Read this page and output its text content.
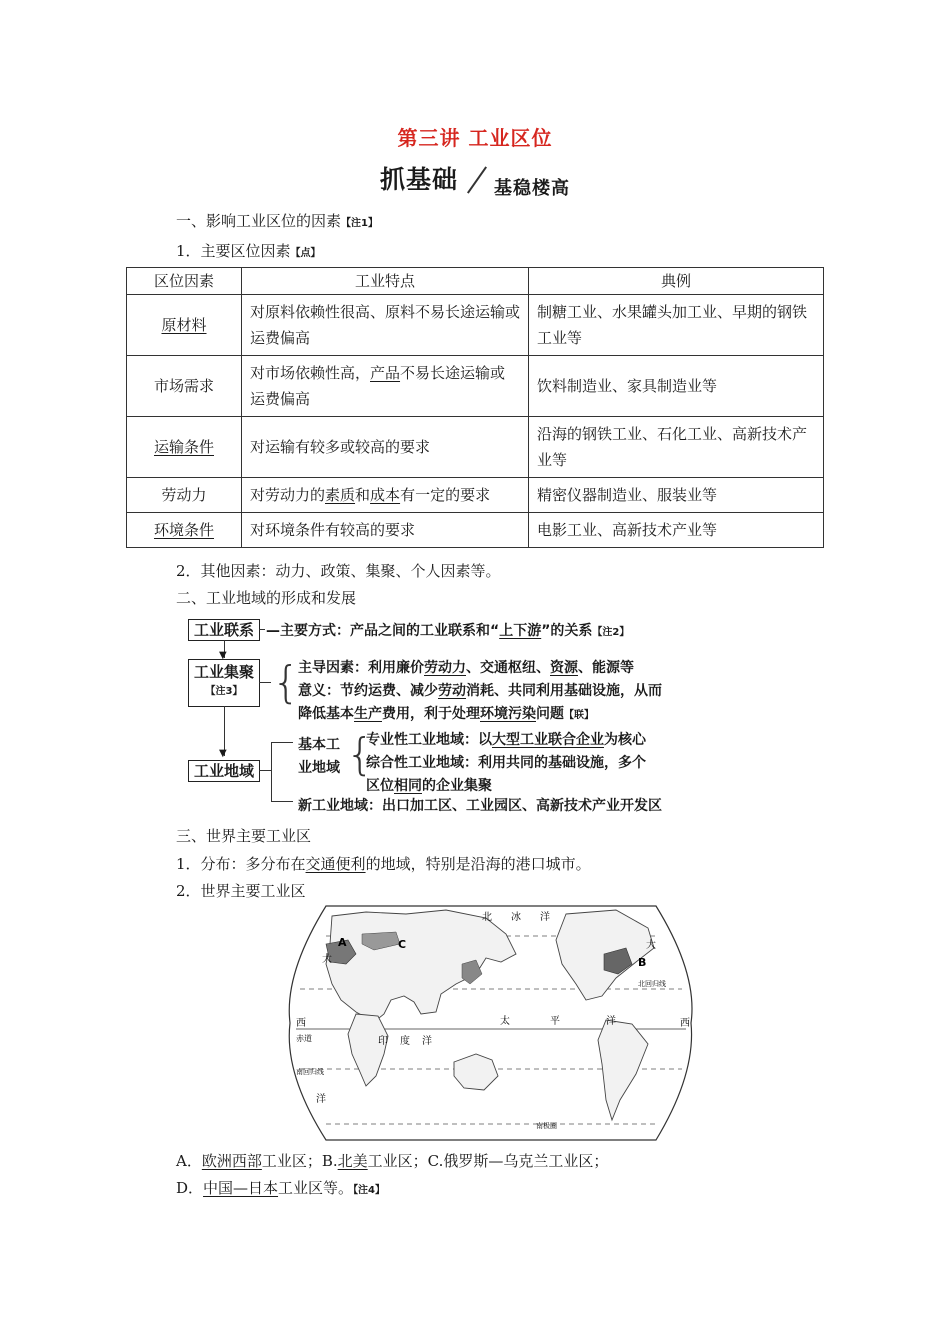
第三讲 工业区位
抓基础 基稳楼高
一、影响工业区位的因素【注1】
1．主要区位因素【点】
区位因素	工业特点	典例
原材料	对原料依赖性很高、原料不易长途运输或运费偏高	制糖工业、水果罐头加工业、早期的钢铁工业等
市场需求	对市场依赖性高，产品不易长途运输或运费偏高	饮料制造业、家具制造业等
运输条件	对运输有较多或较高的要求	沿海的钢铁工业、石化工业、高新技术产业等
劳动力	对劳动力的素质和成本有一定的要求	精密仪器制造业、服装业等
环境条件	对环境条件有较高的要求	电影工业、高新技术产业等
2．其他因素：动力、政策、集聚、个人因素等。
二、工业地域的形成和发展
工业联系 —主要方式：产品之间的工业联系和“上下游”的关系【注2】
▼
工业集聚
【注3】 {
主导因素：利用廉价劳动力、交通枢纽、资源、能源等
意义：节约运费、减少劳动消耗、共同利用基础设施，从而
降低基本生产费用，利于处理环境污染问题【联】
▼
工业地域
基本工
业地域 {
专业性工业地域：以大型工业联合企业为核心
综合性工业地域：利用共同的基础设施，多个
区位相同的企业集聚
新工业地域：出口加工区、工业园区、高新技术产业开发区
三、世界主要工业区
1．分布：多分布在交通便利的地域，特别是沿海的港口城市。
2．世界主要工业区
北 冰 洋
A	C
B
大
大
北回归线
西	西
太	平	洋
赤道	印 度 洋
南回归线
洋
南极圈
A．欧洲西部工业区；B.北美工业区；C.俄罗斯—乌克兰工业区；
D．中国—日本工业区等。【注4】
